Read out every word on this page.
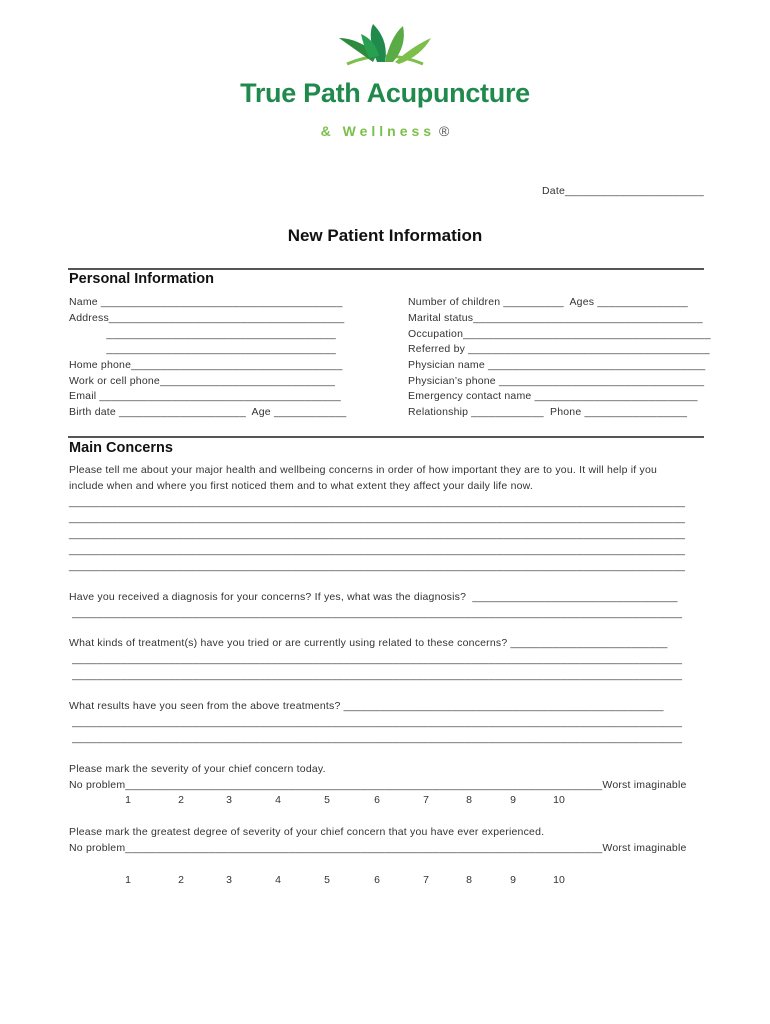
True Path Acupuncture
& Wellness ®
Date_______________________
New Patient Information
Personal Information
Name ________________________________________
Address_______________________________________
______________________________________
______________________________________
Home phone___________________________________
Work or cell phone_____________________________
Email ________________________________________
Birth date _____________________  Age ____________
Number of children __________  Ages _______________
Marital status______________________________________
Occupation_________________________________________
Referred by ________________________________________
Physician name ____________________________________
Physician’s phone __________________________________
Emergency contact name ___________________________
Relationship ____________  Phone _________________
Main Concerns
Please tell me about your major health and wellbeing concerns in order of how important they are to you. It will help if you
include when and where you first noticed them and to what extent they affect your daily life now.
______________________________________________________________________________________________________
______________________________________________________________________________________________________
______________________________________________________________________________________________________
______________________________________________________________________________________________________
______________________________________________________________________________________________________
Have you received a diagnosis for your concerns? If yes, what was the diagnosis?  __________________________________
_____________________________________________________________________________________________________
What kinds of treatment(s) have you tried or are currently using related to these concerns? __________________________
_____________________________________________________________________________________________________
_____________________________________________________________________________________________________
What results have you seen from the above treatments? _____________________________________________________
_____________________________________________________________________________________________________
_____________________________________________________________________________________________________
Please mark the severity of your chief concern today.
No problem_______________________________________________________________________________Worst imaginable
1	2	3	4	5	6	7	8	9	10
Please mark the greatest degree of severity of your chief concern that you have ever experienced.
No problem_______________________________________________________________________________Worst imaginable
1	2	3	4	5	6	7	8	9	10
